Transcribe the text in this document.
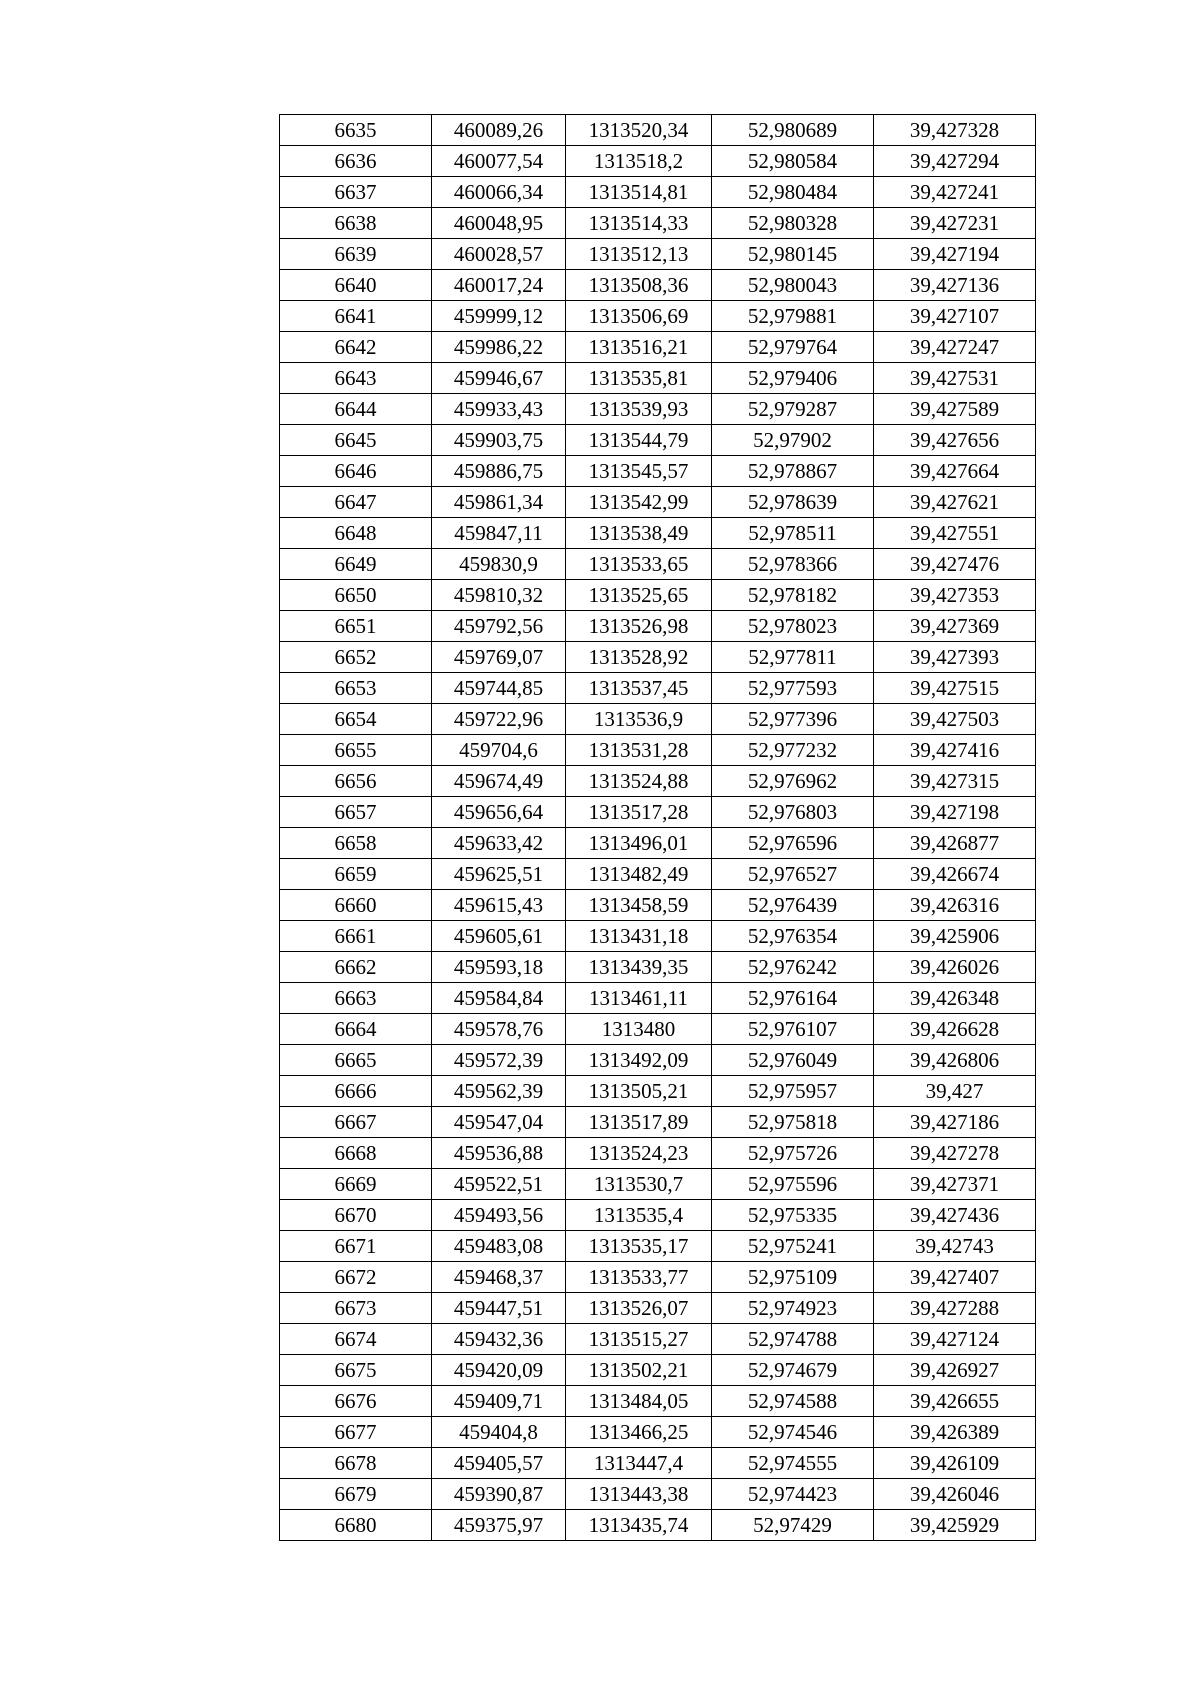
6635	460089,26	1313520,34	52,980689	39,427328
6636	460077,54	1313518,2	52,980584	39,427294
6637	460066,34	1313514,81	52,980484	39,427241
6638	460048,95	1313514,33	52,980328	39,427231
6639	460028,57	1313512,13	52,980145	39,427194
6640	460017,24	1313508,36	52,980043	39,427136
6641	459999,12	1313506,69	52,979881	39,427107
6642	459986,22	1313516,21	52,979764	39,427247
6643	459946,67	1313535,81	52,979406	39,427531
6644	459933,43	1313539,93	52,979287	39,427589
6645	459903,75	1313544,79	52,97902	39,427656
6646	459886,75	1313545,57	52,978867	39,427664
6647	459861,34	1313542,99	52,978639	39,427621
6648	459847,11	1313538,49	52,978511	39,427551
6649	459830,9	1313533,65	52,978366	39,427476
6650	459810,32	1313525,65	52,978182	39,427353
6651	459792,56	1313526,98	52,978023	39,427369
6652	459769,07	1313528,92	52,977811	39,427393
6653	459744,85	1313537,45	52,977593	39,427515
6654	459722,96	1313536,9	52,977396	39,427503
6655	459704,6	1313531,28	52,977232	39,427416
6656	459674,49	1313524,88	52,976962	39,427315
6657	459656,64	1313517,28	52,976803	39,427198
6658	459633,42	1313496,01	52,976596	39,426877
6659	459625,51	1313482,49	52,976527	39,426674
6660	459615,43	1313458,59	52,976439	39,426316
6661	459605,61	1313431,18	52,976354	39,425906
6662	459593,18	1313439,35	52,976242	39,426026
6663	459584,84	1313461,11	52,976164	39,426348
6664	459578,76	1313480	52,976107	39,426628
6665	459572,39	1313492,09	52,976049	39,426806
6666	459562,39	1313505,21	52,975957	39,427
6667	459547,04	1313517,89	52,975818	39,427186
6668	459536,88	1313524,23	52,975726	39,427278
6669	459522,51	1313530,7	52,975596	39,427371
6670	459493,56	1313535,4	52,975335	39,427436
6671	459483,08	1313535,17	52,975241	39,42743
6672	459468,37	1313533,77	52,975109	39,427407
6673	459447,51	1313526,07	52,974923	39,427288
6674	459432,36	1313515,27	52,974788	39,427124
6675	459420,09	1313502,21	52,974679	39,426927
6676	459409,71	1313484,05	52,974588	39,426655
6677	459404,8	1313466,25	52,974546	39,426389
6678	459405,57	1313447,4	52,974555	39,426109
6679	459390,87	1313443,38	52,974423	39,426046
6680	459375,97	1313435,74	52,97429	39,425929
